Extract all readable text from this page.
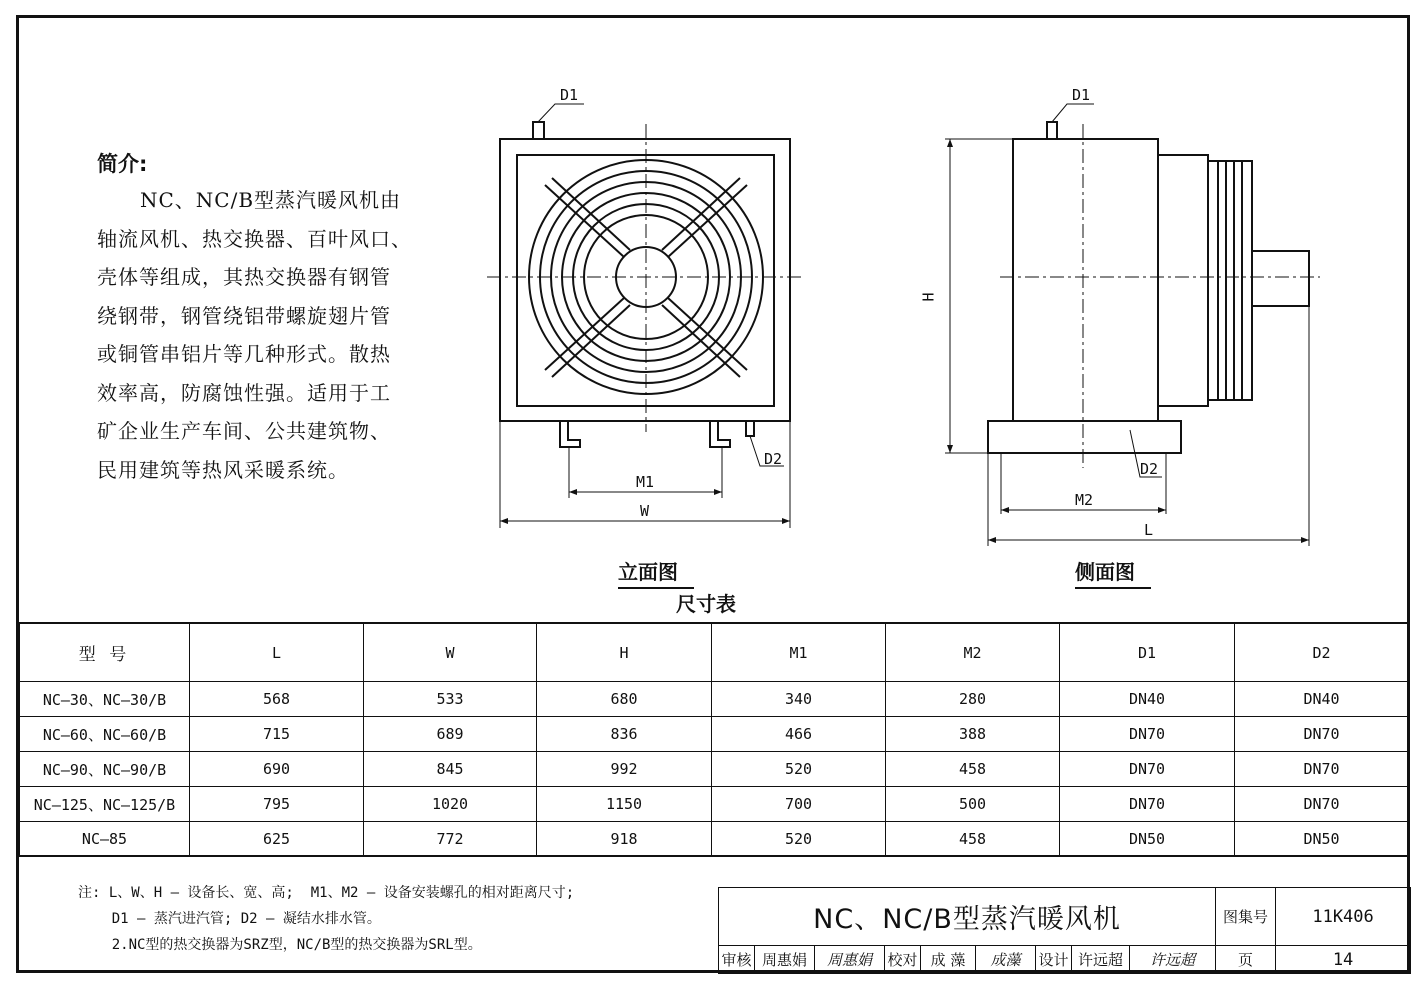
简介:
NC、NC/B型蒸汽暖风机由
轴流风机、热交换器、百叶风口、
壳体等组成，其热交换器有钢管
绕钢带，钢管绕铝带螺旋翅片管
或铜管串铝片等几种形式。散热
效率高，防腐蚀性强。适用于工
矿企业生产车间、公共建筑物、
民用建筑等热风采暖系统。
D1
D2
M1
W
D1
D2
M2
L
H
立面图	侧面图
尺寸表
型 号	L	W	H	M1	M2	D1	D2
NC—30、NC—30/B	568	533	680	340	280	DN40	DN40
NC—60、NC—60/B	715	689	836	466	388	DN70	DN70
NC—90、NC—90/B	690	845	992	520	458	DN70	DN70
NC—125、NC—125/B	795	1020	1150	700	500	DN70	DN70
NC—85	625	772	918	520	458	DN50	DN50
注: L、W、H — 设备长、宽、高;  M1、M2 — 设备安装螺孔的相对距离尺寸;
D1 — 蒸汽进汽管; D2 — 凝结水排水管。
2.NC型的热交换器为SRZ型，NC/B型的热交换器为SRL型。
NC、NC/B型蒸汽暖风机									图集号	11K406
审核	周惠娟	周惠娟	校对	成 藻	成藻	设计	许远超	许远超	页	14
